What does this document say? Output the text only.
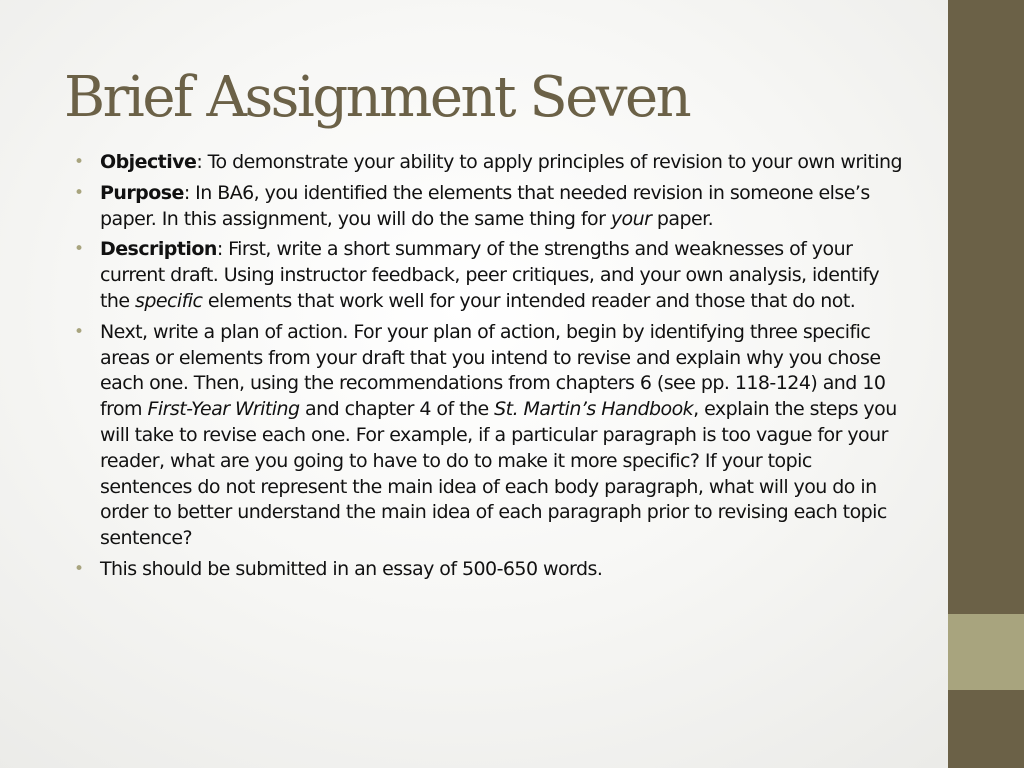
Brief Assignment Seven
• Objective: To demonstrate your ability to apply principles of revision to your own writing
• Purpose: In BA6, you identified the elements that needed revision in someone else’s paper. In this assignment, you will do the same thing for your paper.
• Description: First, write a short summary of the strengths and weaknesses of your current draft. Using instructor feedback, peer critiques, and your own analysis, identify the specific elements that work well for your intended reader and those that do not.
• Next, write a plan of action. For your plan of action, begin by identifying three specific areas or elements from your draft that you intend to revise and explain why you chose each one. Then, using the recommendations from chapters 6 (see pp. 118-124) and 10 from First-Year Writing and chapter 4 of the St. Martin’s Handbook, explain the steps you will take to revise each one. For example, if a particular paragraph is too vague for your reader, what are you going to have to do to make it more specific? If your topic sentences do not represent the main idea of each body paragraph, what will you do in order to better understand the main idea of each paragraph prior to revising each topic sentence?
• This should be submitted in an essay of 500-650 words.
